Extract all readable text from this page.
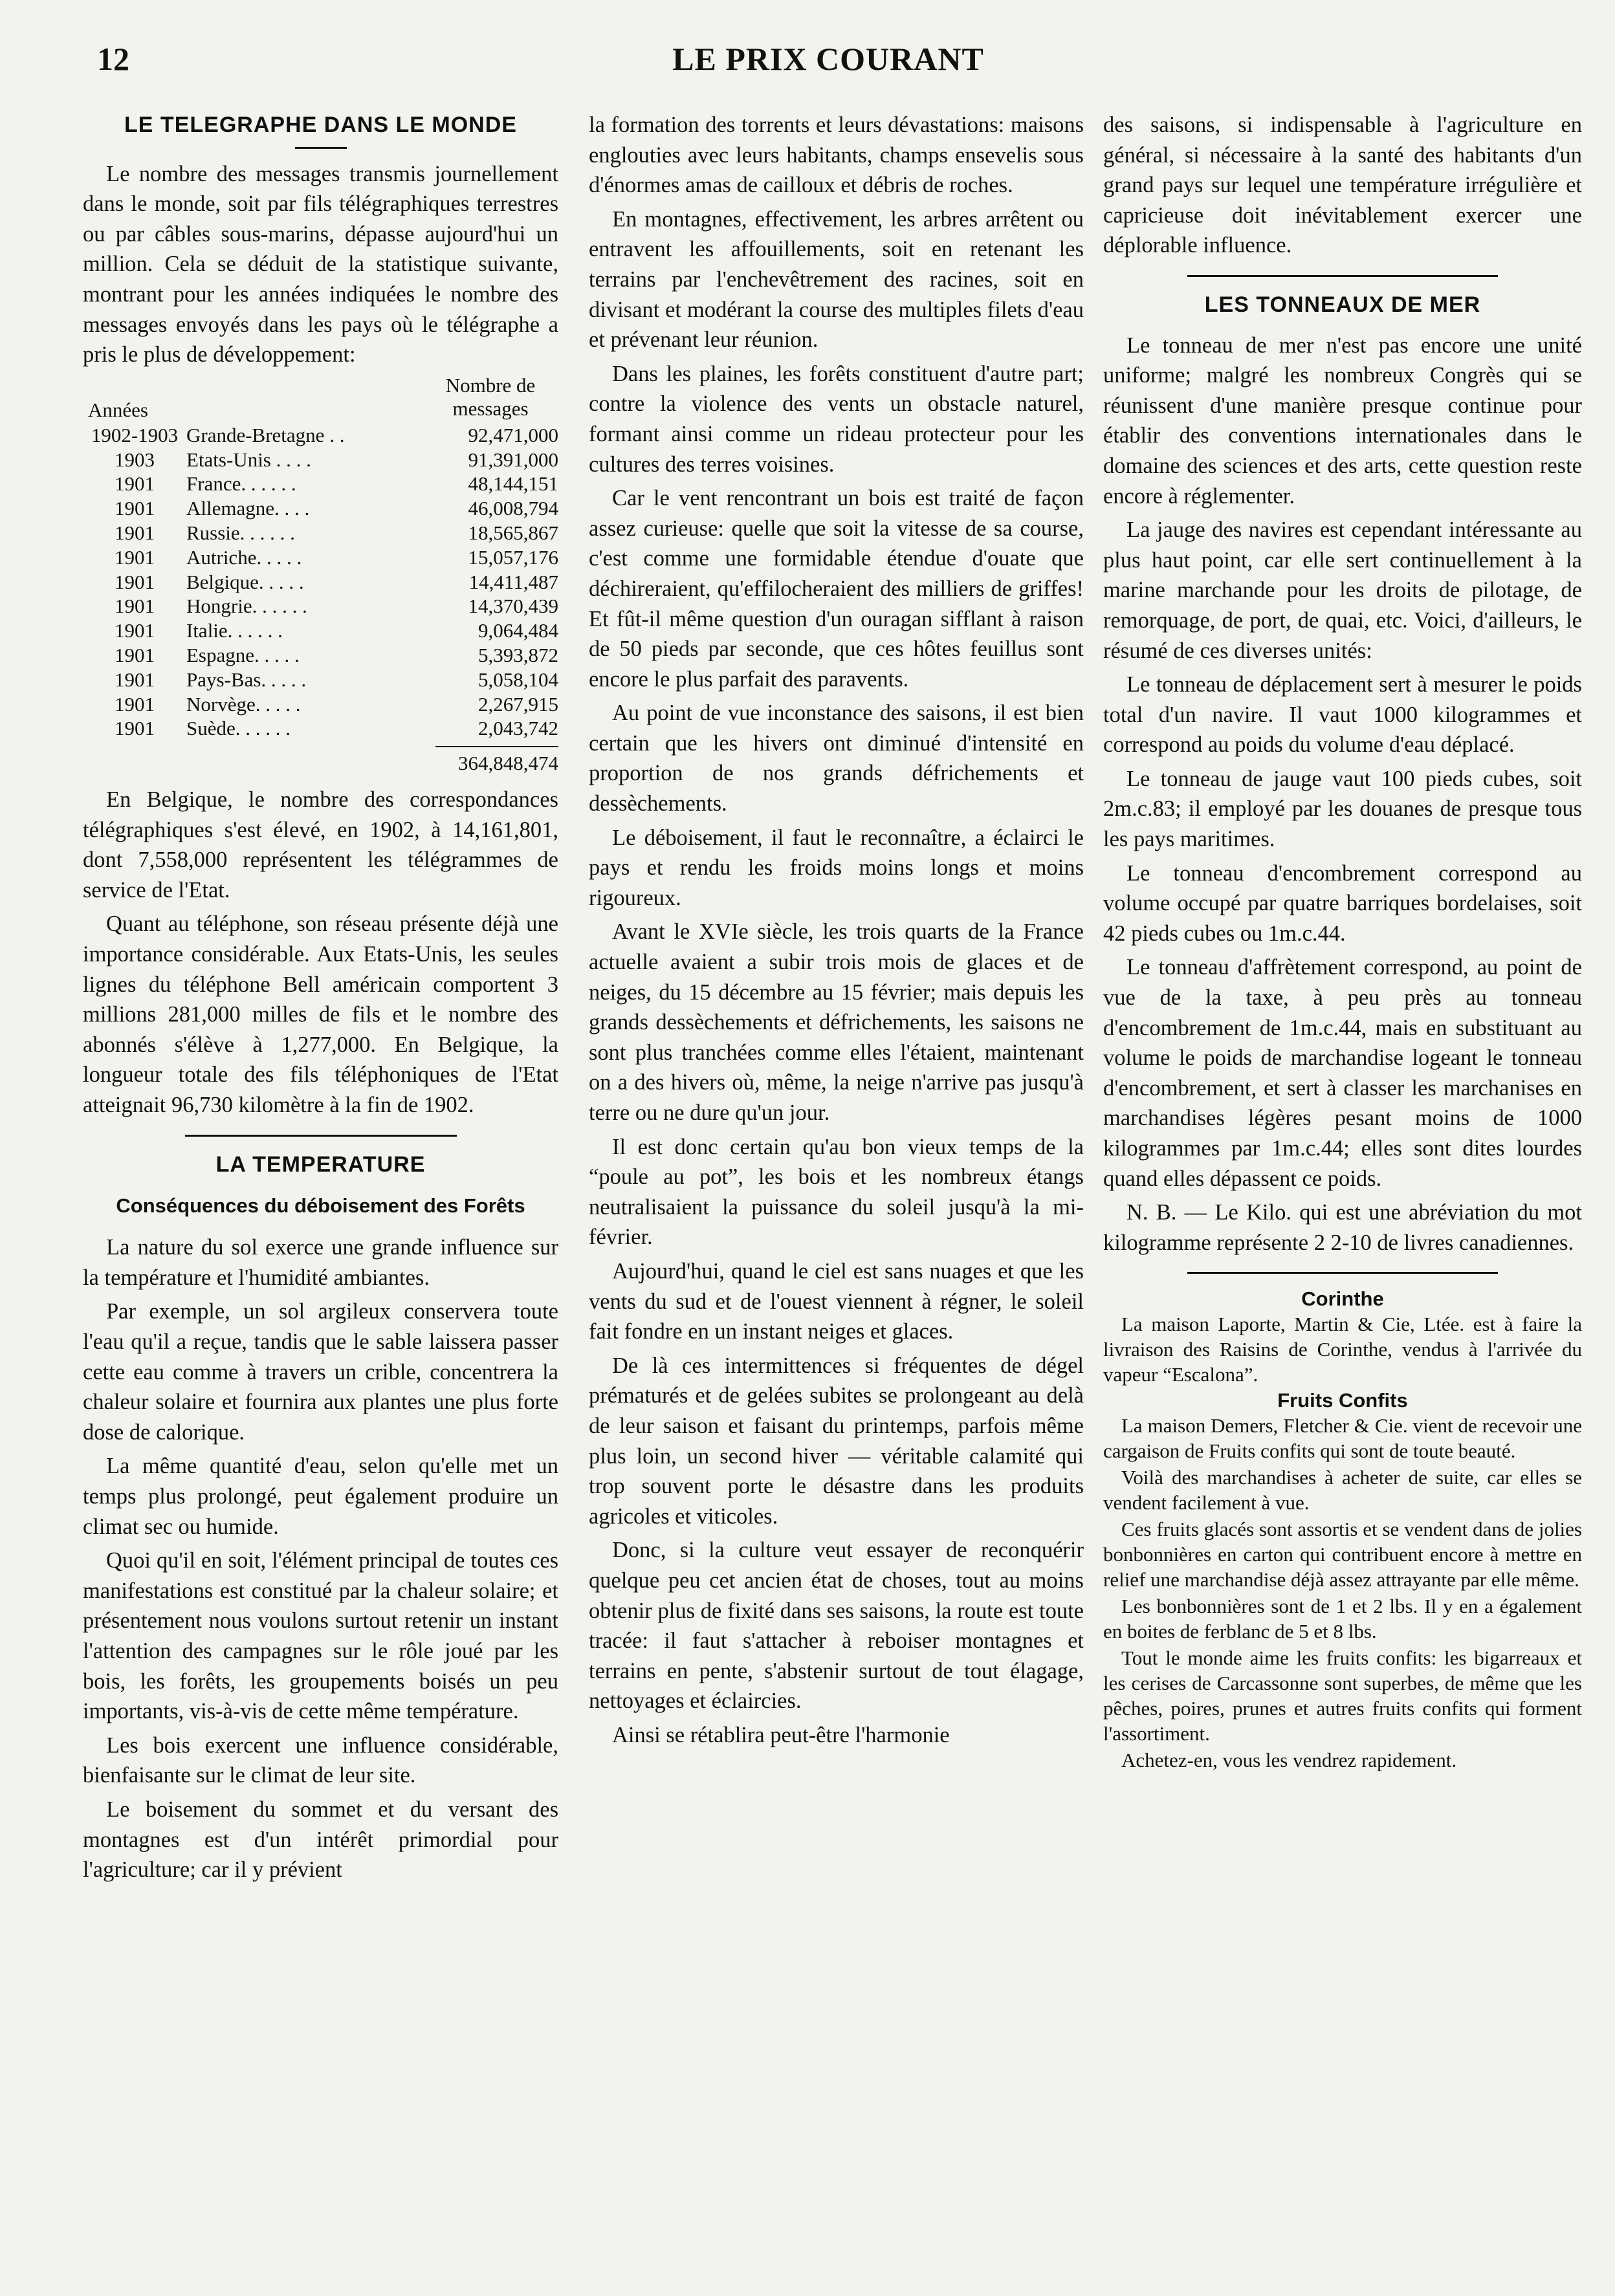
12	LE PRIX COURANT
LE TELEGRAPHE DANS LE MONDE

Le nombre des messages transmis journellement dans le monde, soit par fils télégraphiques terrestres ou par câbles sous-marins, dépasse aujourd'hui un million. Cela se déduit de la statistique suivante, montrant pour les années indiquées le nombre des messages envoyés dans les pays où le télégraphe a pris le plus de développement:

Années
Nombre de messages
1902-1903	Grande-Bretagne . .	92,471,000
1903	Etats-Unis . . . .	91,391,000
1901	France. . . . . .	48,144,151
1901	Allemagne. . . .	46,008,794
1901	Russie. . . . . .	18,565,867
1901	Autriche. . . . .	15,057,176
1901	Belgique. . . . .	14,411,487
1901	Hongrie. . . . . .	14,370,439
1901	Italie. . . . . .	9,064,484
1901	Espagne. . . . .	5,393,872
1901	Pays-Bas. . . . .	5,058,104
1901	Norvège. . . . .	2,267,915
1901	Suède. . . . . .	2,043,742
364,848,474

En Belgique, le nombre des correspondances télégraphiques s'est élevé, en 1902, à 14,161,801, dont 7,558,000 représentent les télégrammes de service de l'Etat.

Quant au téléphone, son réseau présente déjà une importance considérable. Aux Etats-Unis, les seules lignes du téléphone Bell américain comportent 3 millions 281,000 milles de fils et le nombre des abonnés s'élève à 1,277,000. En Belgique, la longueur totale des fils téléphoniques de l'Etat atteignait 96,730 kilomètre à la fin de 1902.

LA TEMPERATURE
Conséquences du déboisement des Forêts

La nature du sol exerce une grande influence sur la température et l'humidité ambiantes.

Par exemple, un sol argileux conservera toute l'eau qu'il a reçue, tandis que le sable laissera passer cette eau comme à travers un crible, concentrera la chaleur solaire et fournira aux plantes une plus forte dose de calorique.

La même quantité d'eau, selon qu'elle met un temps plus prolongé, peut également produire un climat sec ou humide.

Quoi qu'il en soit, l'élément principal de toutes ces manifestations est constitué par la chaleur solaire; et présentement nous voulons surtout retenir un instant l'attention des campagnes sur le rôle joué par les bois, les forêts, les groupements boisés un peu importants, vis-à-vis de cette même température.

Les bois exercent une influence considérable, bienfaisante sur le climat de leur site.

Le boisement du sommet et du versant des montagnes est d'un intérêt primordial pour l'agriculture; car il y prévient

la formation des torrents et leurs dévastations: maisons englouties avec leurs habitants, champs ensevelis sous d'énormes amas de cailloux et débris de roches.

En montagnes, effectivement, les arbres arrêtent ou entravent les affouillements, soit en retenant les terrains par l'enchevêtrement des racines, soit en divisant et modérant la course des multiples filets d'eau et prévenant leur réunion.

Dans les plaines, les forêts constituent d'autre part; contre la violence des vents un obstacle naturel, formant ainsi comme un rideau protecteur pour les cultures des terres voisines.

Car le vent rencontrant un bois est traité de façon assez curieuse: quelle que soit la vitesse de sa course, c'est comme une formidable étendue d'ouate que déchireraient, qu'effilocheraient des milliers de griffes! Et fût-il même question d'un ouragan sifflant à raison de 50 pieds par seconde, que ces hôtes feuillus sont encore le plus parfait des paravents.

Au point de vue inconstance des saisons, il est bien certain que les hivers ont diminué d'intensité en proportion de nos grands défrichements et dessèchements.

Le déboisement, il faut le reconnaître, a éclairci le pays et rendu les froids moins longs et moins rigoureux.

Avant le XVIe siècle, les trois quarts de la France actuelle avaient a subir trois mois de glaces et de neiges, du 15 décembre au 15 février; mais depuis les grands dessèchements et défrichements, les saisons ne sont plus tranchées comme elles l'étaient, maintenant on a des hivers où, même, la neige n'arrive pas jusqu'à terre ou ne dure qu'un jour.

Il est donc certain qu'au bon vieux temps de la “poule au pot”, les bois et les nombreux étangs neutralisaient la puissance du soleil jusqu'à la mi-février.

Aujourd'hui, quand le ciel est sans nuages et que les vents du sud et de l'ouest viennent à régner, le soleil fait fondre en un instant neiges et glaces.

De là ces intermittences si fréquentes de dégel prématurés et de gelées subites se prolongeant au delà de leur saison et faisant du printemps, parfois même plus loin, un second hiver — véritable calamité qui trop souvent porte le désastre dans les produits agricoles et viticoles.

Donc, si la culture veut essayer de reconquérir quelque peu cet ancien état de choses, tout au moins obtenir plus de fixité dans ses saisons, la route est toute tracée: il faut s'attacher à reboiser montagnes et terrains en pente, s'abstenir surtout de tout élagage, nettoyages et éclaircies.

Ainsi se rétablira peut-être l'harmonie

des saisons, si indispensable à l'agriculture en général, si nécessaire à la santé des habitants d'un grand pays sur lequel une température irrégulière et capricieuse doit inévitablement exercer une déplorable influence.

LES TONNEAUX DE MER

Le tonneau de mer n'est pas encore une unité uniforme; malgré les nombreux Congrès qui se réunissent d'une manière presque continue pour établir des conventions internationales dans le domaine des sciences et des arts, cette question reste encore à réglementer.

La jauge des navires est cependant intéressante au plus haut point, car elle sert continuellement à la marine marchande pour les droits de pilotage, de remorquage, de port, de quai, etc. Voici, d'ailleurs, le résumé de ces diverses unités:

Le tonneau de déplacement sert à mesurer le poids total d'un navire. Il vaut 1000 kilogrammes et correspond au poids du volume d'eau déplacé.

Le tonneau de jauge vaut 100 pieds cubes, soit 2m.c.83; il employé par les douanes de presque tous les pays maritimes.

Le tonneau d'encombrement correspond au volume occupé par quatre barriques bordelaises, soit 42 pieds cubes ou 1m.c.44.

Le tonneau d'affrètement correspond, au point de vue de la taxe, à peu près au tonneau d'encombrement de 1m.c.44, mais en substituant au volume le poids de marchandise logeant le tonneau d'encombrement, et sert à classer les marchanises en marchandises légères pesant moins de 1000 kilogrammes par 1m.c.44; elles sont dites lourdes quand elles dépassent ce poids.

N. B. — Le Kilo. qui est une abréviation du mot kilogramme représente 2 2-10 de livres canadiennes.

Corinthe

La maison Laporte, Martin & Cie, Ltée. est à faire la livraison des Raisins de Corinthe, vendus à l'arrivée du vapeur “Escalona”.

Fruits Confits

La maison Demers, Fletcher & Cie. vient de recevoir une cargaison de Fruits confits qui sont de toute beauté.

Voilà des marchandises à acheter de suite, car elles se vendent facilement à vue.

Ces fruits glacés sont assortis et se vendent dans de jolies bonbonnières en carton qui contribuent encore à mettre en relief une marchandise déjà assez attrayante par elle même.

Les bonbonnières sont de 1 et 2 lbs. Il y en a également en boites de ferblanc de 5 et 8 lbs.

Tout le monde aime les fruits confits: les bigarreaux et les cerises de Carcassonne sont superbes, de même que les pêches, poires, prunes et autres fruits confits qui forment l'assortiment.

Achetez-en, vous les vendrez rapidement.
